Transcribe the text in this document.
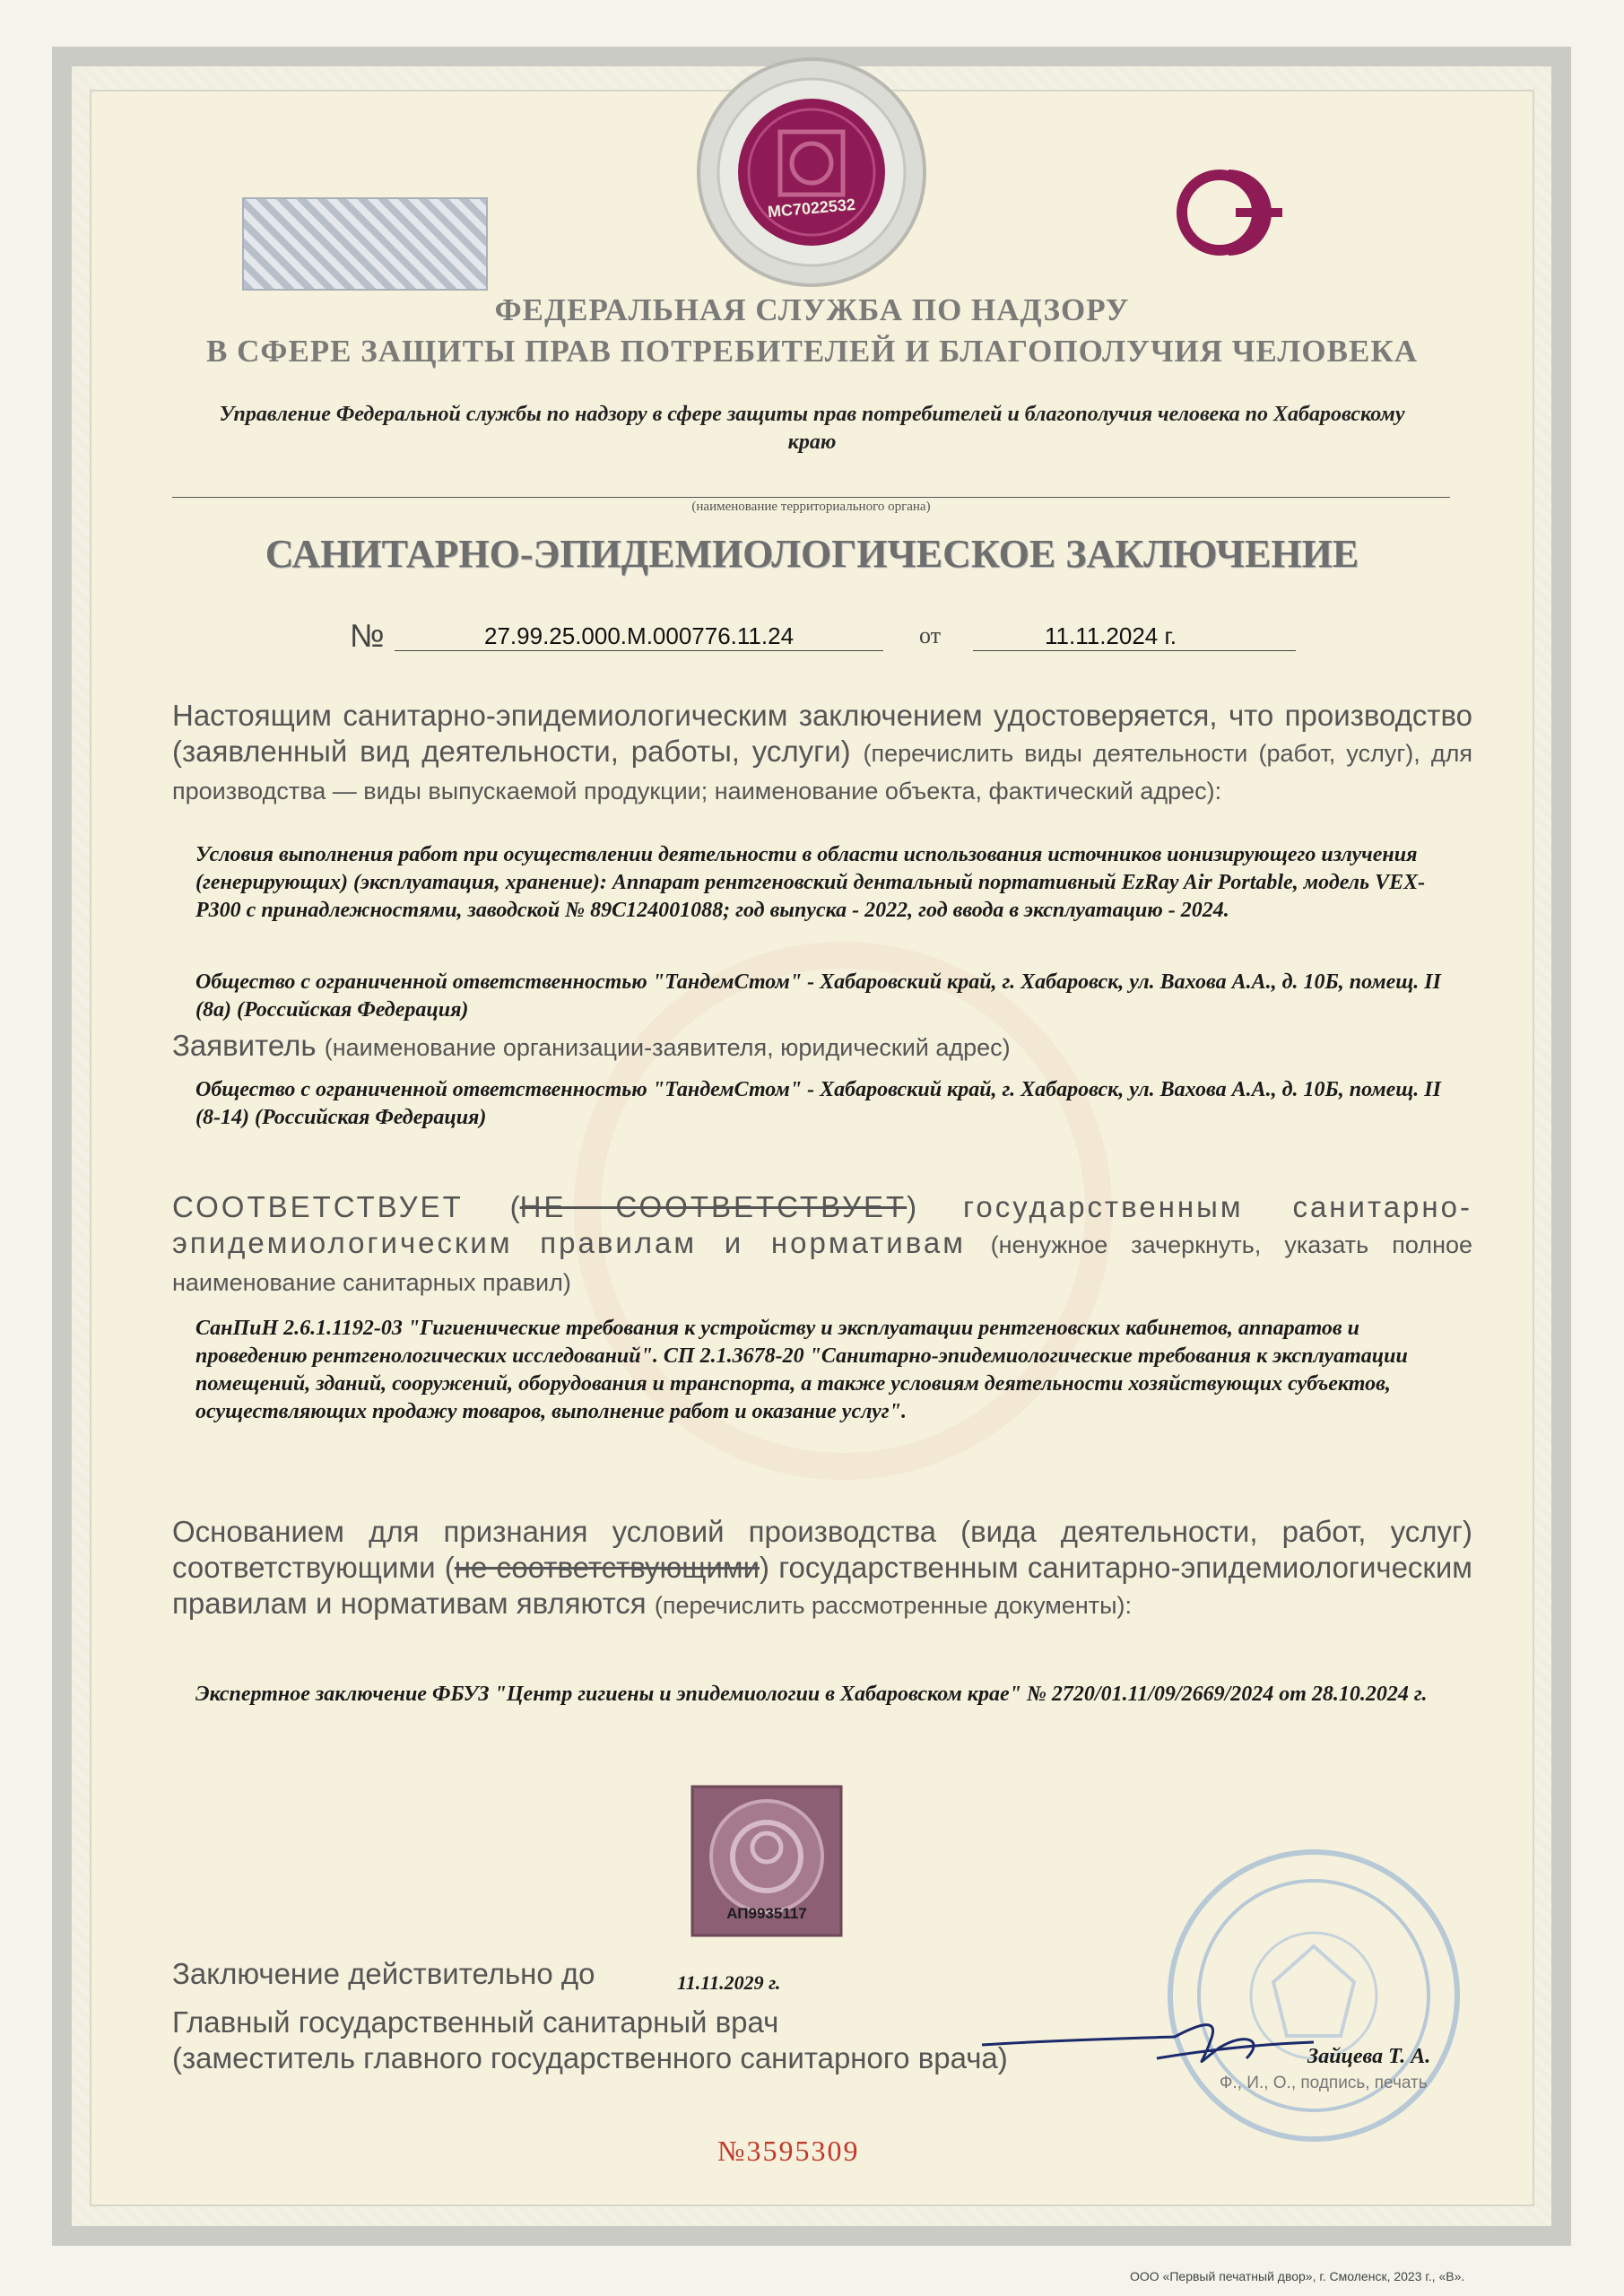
МС7022532
ФЕДЕРАЛЬНАЯ СЛУЖБА ПО НАДЗОРУ
В СФЕРЕ ЗАЩИТЫ ПРАВ ПОТРЕБИТЕЛЕЙ И БЛАГОПОЛУЧИЯ ЧЕЛОВЕКА
Управление Федеральной службы по надзору в сфере защиты прав потребителей и благополучия человека по Хабаровскому краю
(наименование территориального органа)
САНИТАРНО-ЭПИДЕМИОЛОГИЧЕСКОЕ ЗАКЛЮЧЕНИЕ
№	27.99.25.000.М.000776.11.24	от	11.11.2024 г.
Настоящим санитарно-эпидемиологическим заключением удостоверяется, что производство (заявленный вид деятельности, работы, услуги) (перечислить виды деятельности (работ, услуг), для производства — виды выпускаемой продукции; наименование объекта, фактический адрес):
Условия выполнения работ при осуществлении деятельности в области использования источников ионизирующего излучения (генерирующих) (эксплуатация, хранение): Аппарат рентгеновский дентальный портативный EzRay Air Portable, модель VEX-P300 с принадлежностями, заводской № 89C124001088; год выпуска - 2022, год ввода в эксплуатацию - 2024.
Общество с ограниченной ответственностью "ТандемСтом" - Хабаровский край, г. Хабаровск, ул. Вахова А.А., д. 10Б, помещ. II (8а) (Российская Федерация)
Заявитель (наименование организации-заявителя, юридический адрес)
Общество с ограниченной ответственностью "ТандемСтом" - Хабаровский край, г. Хабаровск, ул. Вахова А.А., д. 10Б, помещ. II (8-14) (Российская Федерация)
СООТВЕТСТВУЕТ (НЕ СООТВЕТСТВУЕТ) государственным санитарно-эпидемиологическим правилам и нормативам (ненужное зачеркнуть, указать полное наименование санитарных правил)
СанПиН 2.6.1.1192-03 "Гигиенические требования к устройству и эксплуатации рентгеновских кабинетов, аппаратов и проведению рентгенологических исследований". СП 2.1.3678-20 "Санитарно-эпидемиологические требования к эксплуатации помещений, зданий, сооружений, оборудования и транспорта, а также условиям деятельности хозяйствующих субъектов, осуществляющих продажу товаров, выполнение работ и оказание услуг".
Основанием для признания условий производства (вида деятельности, работ, услуг) соответствующими (не соответствующими) государственным санитарно-эпидемиологическим правилам и нормативам являются (перечислить рассмотренные документы):
Экспертное заключение ФБУЗ "Центр гигиены и эпидемиологии в Хабаровском крае" № 2720/01.11/09/2669/2024 от 28.10.2024 г.
АП9935117
Заключение действительно до	11.11.2029 г.
Главный государственный санитарный врач
(заместитель главного государственного санитарного врача)	Зайцева Т. А.
Ф., И., О., подпись, печать
№3595309
ООО «Первый печатный двор», г. Смоленск, 2023 г., «В».
